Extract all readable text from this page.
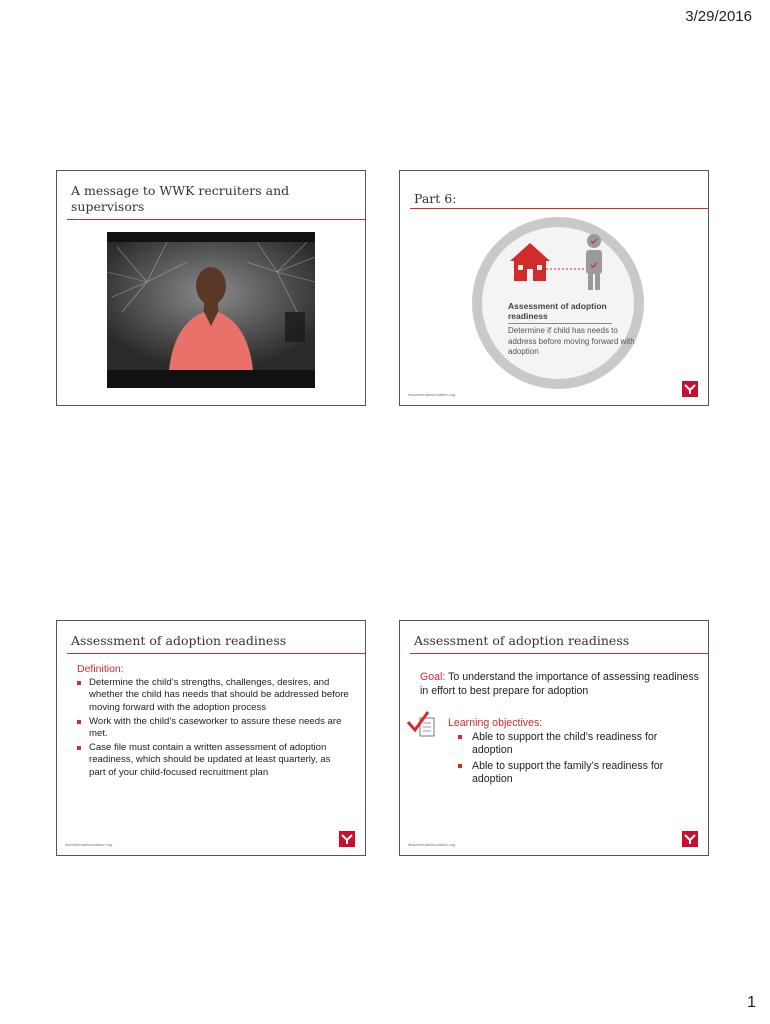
3/29/2016
A message to WWK recruiters and supervisors
Part 6:
Assessment of adoption readiness
Determine if child has needs to address before moving forward with adoption
davethomasfoundation.org
Assessment of adoption readiness
Definition:
Determine the child’s strengths, challenges, desires, and whether the child has needs that should be addressed before moving forward with the adoption process
Work with the child’s caseworker to assure these needs are met.
Case file must contain a written assessment of adoption readiness, which should be updated at least quarterly, as part of your child-focused recruitment plan
davethomasfoundation.org
Assessment of adoption readiness
Goal: To understand the importance of assessing readiness in effort to best prepare for adoption
Learning objectives:
Able to support the child’s readiness for adoption
Able to support the family’s readiness for adoption
davethomasfoundation.org
1
